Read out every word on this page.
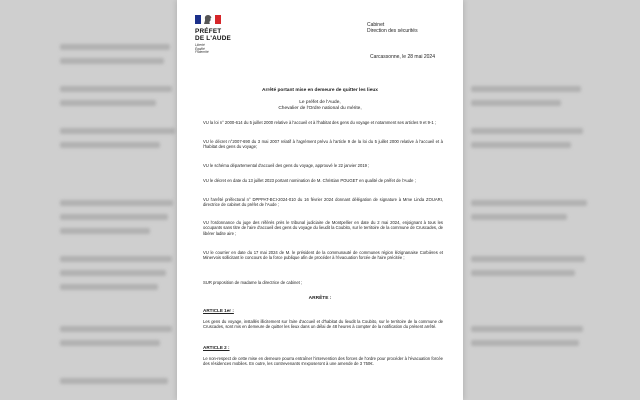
PRÉFET
DE L'AUDE
Liberté
Égalité
Fraternité
Cabinet
Direction des sécurités
Carcassonne, le 28 mai 2024
Arrêté portant mise en demeure de quitter les lieux
Le préfet de l'Aude,
Chevalier de l'Ordre national du mérite,
VU la loi n° 2000-614 du 5 juillet 2000 relative à l'accueil et à l'habitat des gens du voyage et notamment ses articles 9 et 9-1 ;
VU le décret n°2007-690 du 3 mai 2007 relatif à l'agrément prévu à l'article 9 de la loi du 5 juillet 2000 relative à l'accueil et à l'habitat des gens du voyage;
VU le schéma départemental d'accueil des gens du voyage, approuvé le 22 janvier 2019 ;
VU le décret en date du 13 juillet 2023 portant nomination de M. Christian POUGET en qualité de préfet de l'Aude ;
VU l'arrêté préfectoral n° DPPPAT-BCI-2024-010 du 16 février 2024 donnant délégation de signature à Mme Linda ZOUARI, directrice de cabinet du préfet de l'Aude ;
VU l'ordonnance du juge des référés près le tribunal judiciaire de Montpellier en date du 2 mai 2024, enjoignant à tous les occupants sans titre de l'aire d'accueil des gens du voyage du lieudit la Coubito, sur le territoire de la commune de Cruscades, de libérer ladite aire ;
VU le courrier en date du 17 mai 2024 de M. le président de la communauté de communes région lézignanaise Corbières et Minervois sollicitant le concours de la force publique afin de procéder à l'évacuation forcée de l'aire précitée ;
SUR proposition de madame la directrice de cabinet ;
ARRÊTE :
ARTICLE 1er :
Les gens du voyage, installés illicitement sur l'aire d'accueil et d'habitat du lieudit la Coubito, sur le territoire de la commune de Cruscades, sont mis en demeure de quitter les lieux dans un délai de 48 heures à compter de la notification du présent arrêté.
ARTICLE 2 :
Le non-respect de cette mise en demeure pourra entraîner l'intervention des forces de l'ordre pour procéder à l'évacuation forcée des résidences mobiles. En outre, les contrevenants s'exposeront à une amende de 3 750€.
